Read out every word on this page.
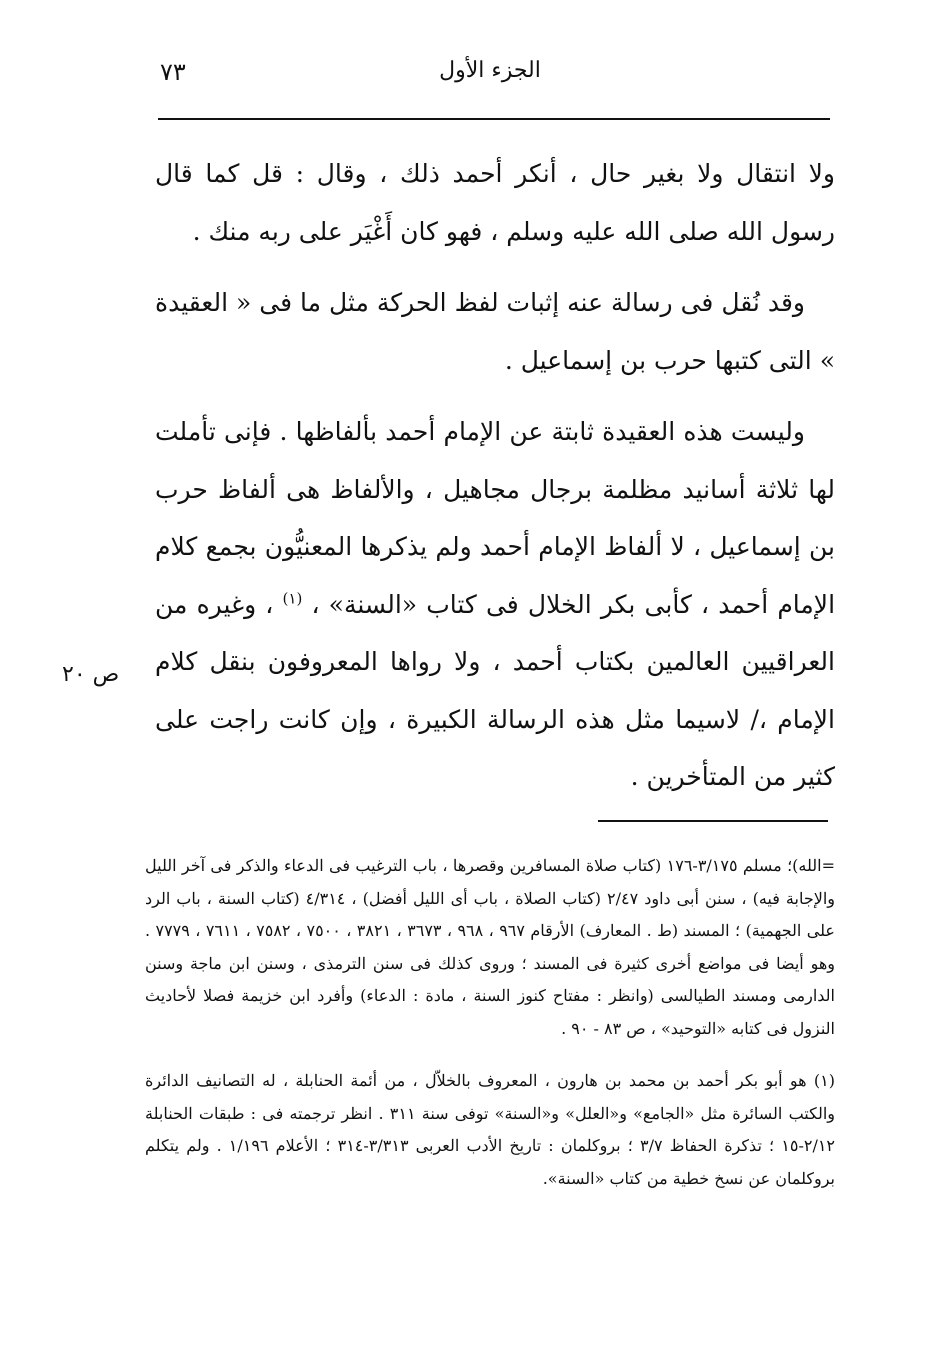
٧٣	الجزء الأول

ولا انتقال ولا بغير حال ، أنكر أحمد ذلك ، وقال : قل كما قال رسول الله صلى الله عليه وسلم ، فهو كان أَغْيَر على ربه منك .

وقد نُقل فى رسالة عنه إثبات لفظ الحركة مثل ما فى « العقيدة » التى كتبها حرب بن إسماعيل .

وليست هذه العقيدة ثابتة عن الإمام أحمد بألفاظها . فإنى تأملت لها ثلاثة أسانيد مظلمة برجال مجاهيل ، والألفاظ هى ألفاظ حرب بن إسماعيل ، لا ألفاظ الإمام أحمد ولم يذكرها المعنيُّون بجمع كلام الإمام أحمد ، كأبى بكر الخلال فى كتاب «السنة» ، $^{(١)}$ ، وغيره من العراقيين العالمين بكتاب أحمد ، ولا رواها المعروفون بنقل كلام الإمام ،/ لاسيما مثل هذه الرسالة الكبيرة ، وإن كانت راجت على كثير من المتأخرين .

ص ٢٠

=الله)؛ مسلم ٣/١٧٥-١٧٦ (كتاب صلاة المسافرين وقصرها ، باب الترغيب فى الدعاء والذكر فى آخر الليل والإجابة فيه) ، سنن أبى داود ٢/٤٧ (كتاب الصلاة ، باب أى الليل أفضل) ، ٤/٣١٤ (كتاب السنة ، باب الرد على الجهمية) ؛ المسند (ط . المعارف) الأرقام ٩٦٧ ، ٩٦٨ ، ٣٦٧٣ ، ٣٨٢١ ، ٧٥٠٠ ، ٧٥٨٢ ، ٧٦١١ ، ٧٧٧٩ . وهو أيضا فى مواضع أخرى كثيرة فى المسند ؛ وروى كذلك فى سنن الترمذى ، وسنن ابن ماجة وسنن الدارمى ومسند الطيالسى (وانظر : مفتاح كنوز السنة ، مادة : الدعاء) وأفرد ابن خزيمة فصلا لأحاديث النزول فى كتابه «التوحيد» ، ص ٨٣ - ٩٠ .

(١) هو أبو بكر أحمد بن محمد بن هارون ، المعروف بالخلاّل ، من أئمة الحنابلة ، له التصانيف الدائرة والكتب السائرة مثل «الجامع» و«العلل» و«السنة» توفى سنة ٣١١ . انظر ترجمته فى : طبقات الحنابلة ٢/١٢-١٥ ؛ تذكرة الحفاظ ٣/٧ ؛ بروكلمان : تاريخ الأدب العربى ٣/٣١٣-٣١٤ ؛ الأعلام ١/١٩٦ . ولم يتكلم بروكلمان عن نسخ خطية من كتاب «السنة».
